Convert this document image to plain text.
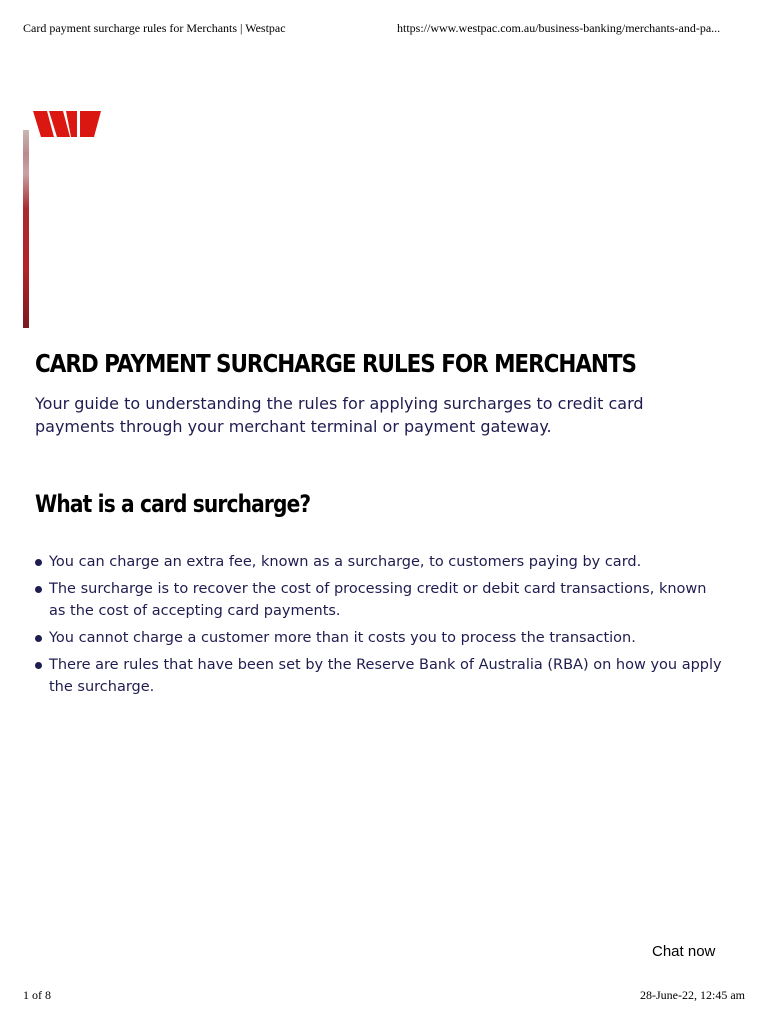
Card payment surcharge rules for Merchants | Westpac	https://www.westpac.com.au/business-banking/merchants-and-pa...
CARD PAYMENT SURCHARGE RULES FOR MERCHANTS

Your guide to understanding the rules for applying surcharges to credit card payments through your merchant terminal or payment gateway.

What is a card surcharge?
You can charge an extra fee, known as a surcharge, to customers paying by card.
The surcharge is to recover the cost of processing credit or debit card transactions, known as the cost of accepting card payments.
You cannot charge a customer more than it costs you to process the transaction.
There are rules that have been set by the Reserve Bank of Australia (RBA) on how you apply the surcharge.
Chat now
1 of 8	28-June-22, 12:45 am
